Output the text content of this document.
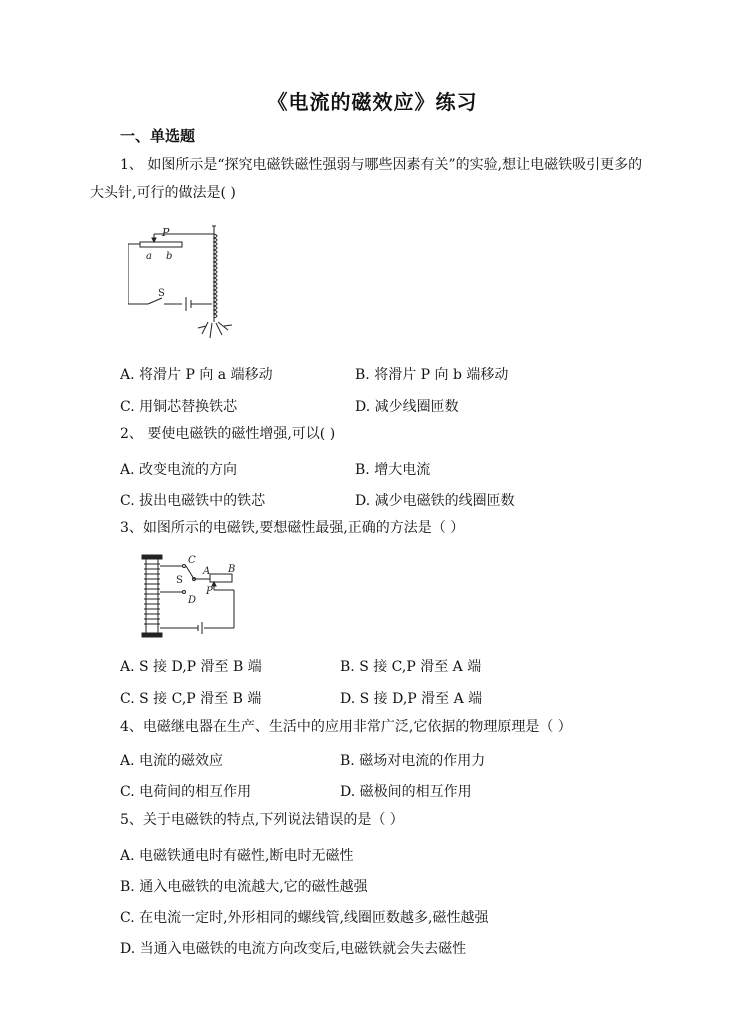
《电流的磁效应》练习
一、单选题
1、 如图所示是“探究电磁铁磁性强弱与哪些因素有关”的实验,想让电磁铁吸引更多的
大头针,可行的做法是( )
P
a b
S
A. 将滑片 P 向 a 端移动	B. 将滑片 P 向 b 端移动
C. 用铜芯替换铁芯	D. 减少线圈匝数
2、 要使电磁铁的磁性增强,可以( )
A. 改变电流的方向	B. 增大电流
C. 拔出电磁铁中的铁芯	D. 减少电磁铁的线圈匝数
3、如图所示的电磁铁,要想磁性最强,正确的方法是（ ）
C
S
D
A B
P
A. S 接 D,P 滑至 B 端	B. S 接 C,P 滑至 A 端
C. S 接 C,P 滑至 B 端	D. S 接 D,P 滑至 A 端
4、电磁继电器在生产、生活中的应用非常广泛,它依据的物理原理是（ ）
A. 电流的磁效应	B. 磁场对电流的作用力
C. 电荷间的相互作用	D. 磁极间的相互作用
5、关于电磁铁的特点,下列说法错误的是（ ）
A. 电磁铁通电时有磁性,断电时无磁性
B. 通入电磁铁的电流越大,它的磁性越强
C. 在电流一定时,外形相同的螺线管,线圈匝数越多,磁性越强
D. 当通入电磁铁的电流方向改变后,电磁铁就会失去磁性
